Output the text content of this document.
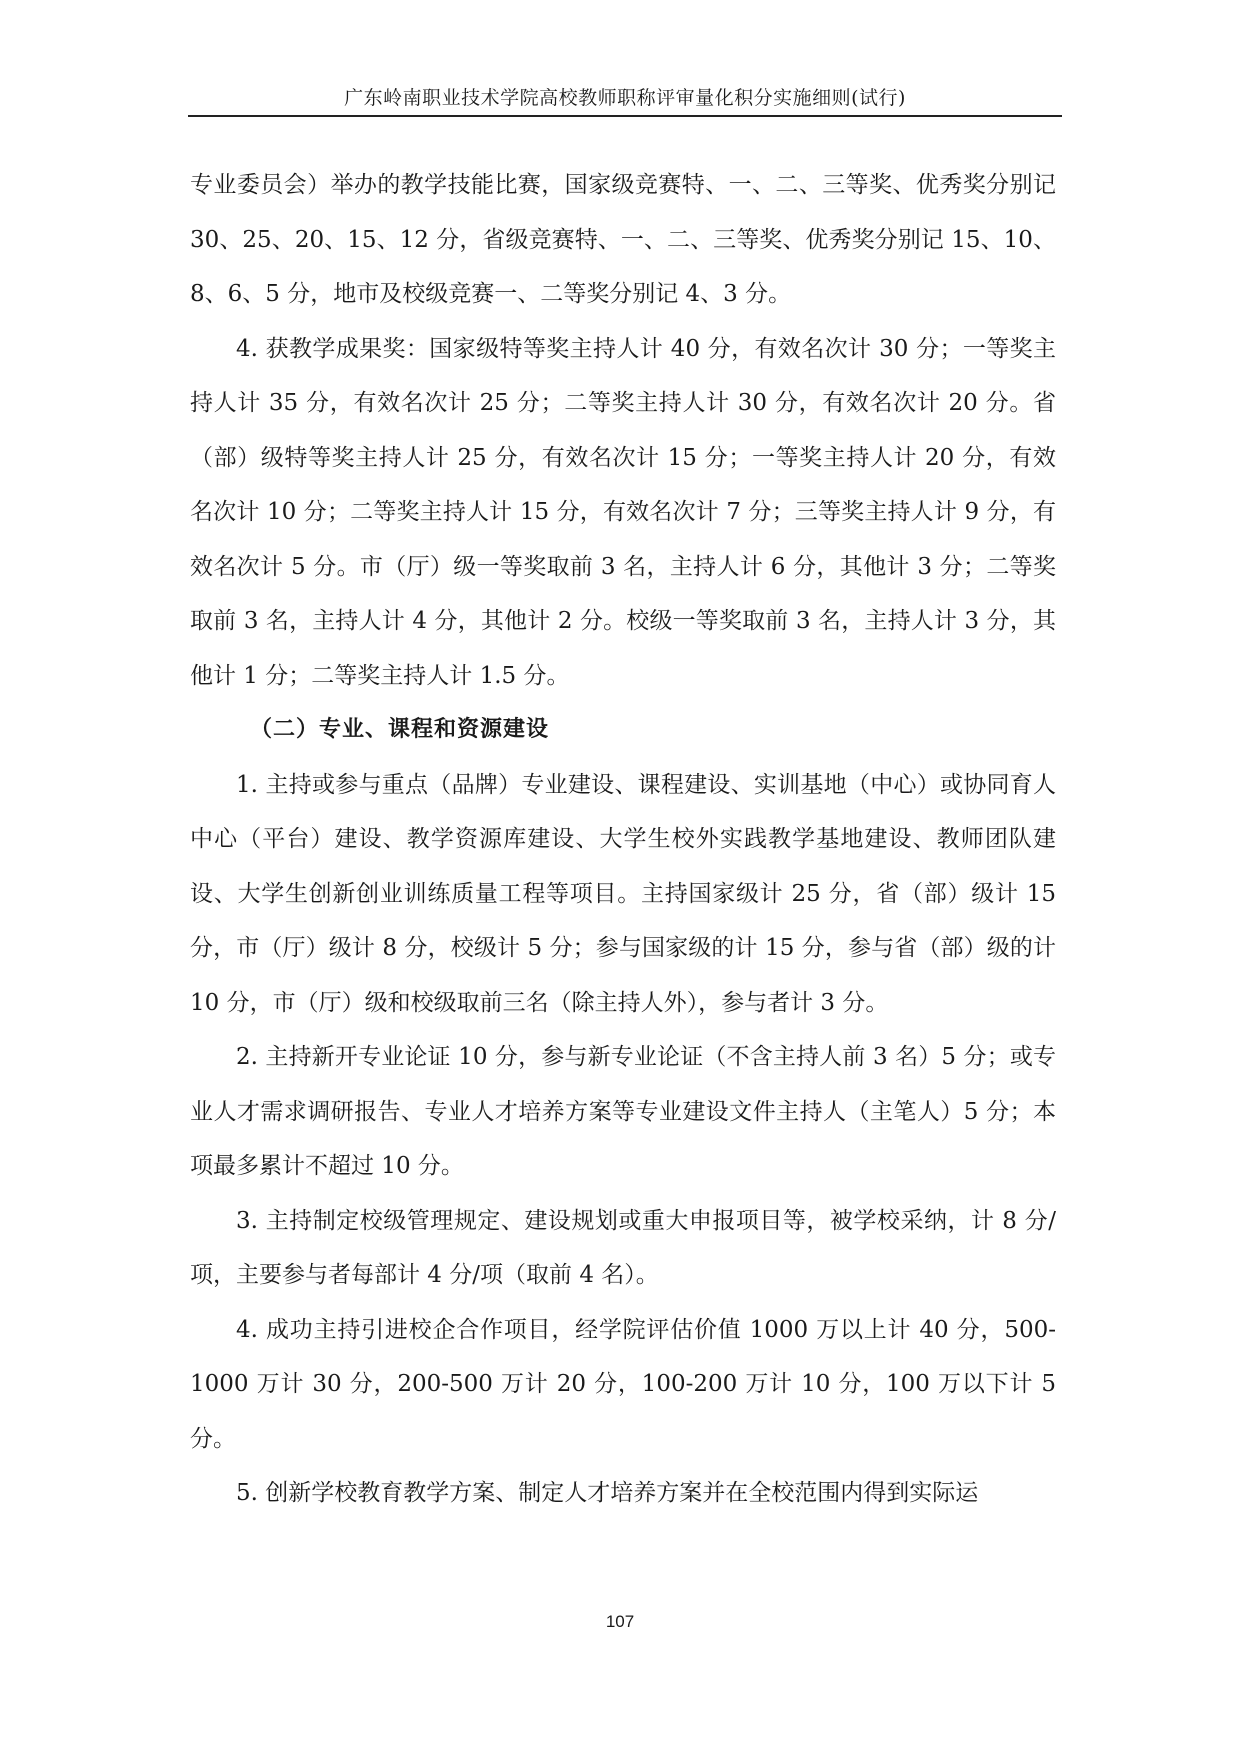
广东岭南职业技术学院高校教师职称评审量化积分实施细则(试行)

专业委员会）举办的教学技能比赛，国家级竞赛特、一、二、三等奖、优秀奖分别记 30、25、20、15、12 分，省级竞赛特、一、二、三等奖、优秀奖分别记 15、10、8、6、5 分，地市及校级竞赛一、二等奖分别记 4、3 分。

4. 获教学成果奖：国家级特等奖主持人计 40 分，有效名次计 30 分；一等奖主持人计 35 分，有效名次计 25 分；二等奖主持人计 30 分，有效名次计 20 分。省（部）级特等奖主持人计 25 分，有效名次计 15 分；一等奖主持人计 20 分，有效名次计 10 分；二等奖主持人计 15 分，有效名次计 7 分；三等奖主持人计 9 分，有效名次计 5 分。市（厅）级一等奖取前 3 名，主持人计 6 分，其他计 3 分；二等奖取前 3 名，主持人计 4 分，其他计 2 分。校级一等奖取前 3 名，主持人计 3 分，其他计 1 分；二等奖主持人计 1.5 分。

（二）专业、课程和资源建设

1. 主持或参与重点（品牌）专业建设、课程建设、实训基地（中心）或协同育人中心（平台）建设、教学资源库建设、大学生校外实践教学基地建设、教师团队建设、大学生创新创业训练质量工程等项目。主持国家级计 25 分，省（部）级计 15 分，市（厅）级计 8 分，校级计 5 分；参与国家级的计 15 分，参与省（部）级的计 10 分，市（厅）级和校级取前三名（除主持人外），参与者计 3 分。

2. 主持新开专业论证 10 分，参与新专业论证（不含主持人前 3 名）5 分；或专业人才需求调研报告、专业人才培养方案等专业建设文件主持人（主笔人）5 分；本项最多累计不超过 10 分。

3. 主持制定校级管理规定、建设规划或重大申报项目等，被学校采纳，计 8 分/项，主要参与者每部计 4 分/项（取前 4 名）。

4. 成功主持引进校企合作项目，经学院评估价值 1000 万以上计 40 分，500-1000 万计 30 分，200-500 万计 20 分，100-200 万计 10 分，100 万以下计 5 分。

5. 创新学校教育教学方案、制定人才培养方案并在全校范围内得到实际运

107
